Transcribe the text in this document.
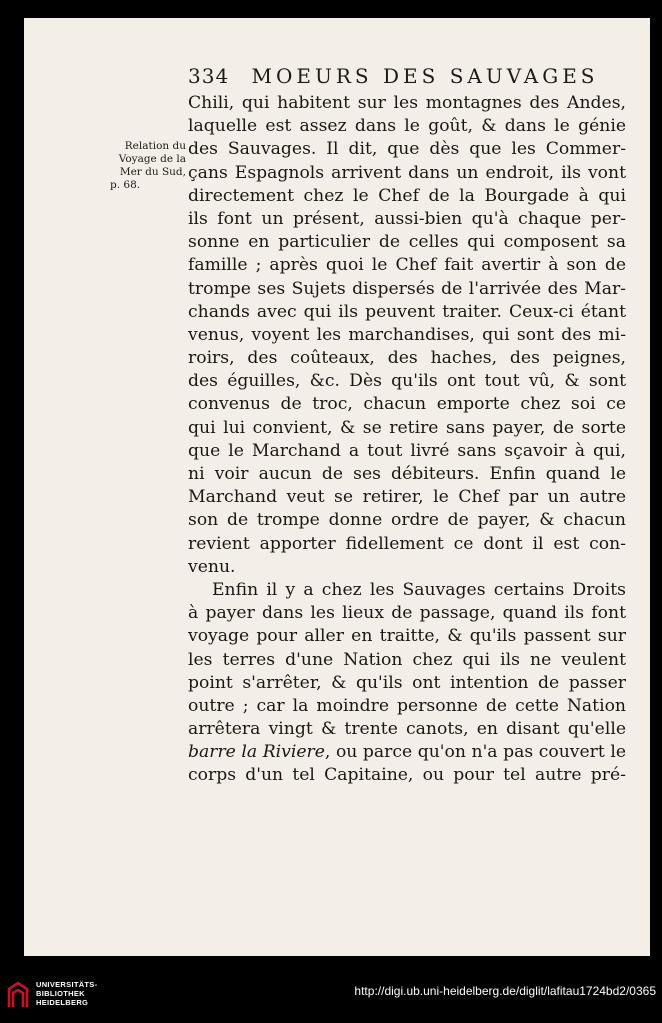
334 MOEURS DES SAUVAGES
Relation du
Voyage de la
Mer du Sud,
p. 68.
Chili, qui habitent sur les montagnes des Andes,
laquelle est assez dans le goût, & dans le génie
des Sauvages. Il dit, que dès que les Commer-
çans Espagnols arrivent dans un endroit, ils vont
directement chez le Chef de la Bourgade à qui
ils font un présent, aussi-bien qu'à chaque per-
sonne en particulier de celles qui composent sa
famille ; après quoi le Chef fait avertir à son de
trompe ses Sujets dispersés de l'arrivée des Mar-
chands avec qui ils peuvent traiter. Ceux-ci étant
venus, voyent les marchandises, qui sont des mi-
roirs, des coûteaux, des haches, des peignes,
des éguilles, &c. Dès qu'ils ont tout vû, & sont
convenus de troc, chacun emporte chez soi ce
qui lui convient, & se retire sans payer, de sorte
que le Marchand a tout livré sans sçavoir à qui,
ni voir aucun de ses débiteurs. Enfin quand le
Marchand veut se retirer, le Chef par un autre
son de trompe donne ordre de payer, & chacun
revient apporter fidellement ce dont il est con-
venu.
Enfin il y a chez les Sauvages certains Droits
à payer dans les lieux de passage, quand ils font
voyage pour aller en traitte, & qu'ils passent sur
les terres d'une Nation chez qui ils ne veulent
point s'arrêter, & qu'ils ont intention de passer
outre ; car la moindre personne de cette Nation
arrêtera vingt & trente canots, en disant qu'elle
barre la Riviere, ou parce qu'on n'a pas couvert le
corps d'un tel Capitaine, ou pour tel autre pré-
UNIVERSITÄTS-
BIBLIOTHEK
HEIDELBERG
http://digi.ub.uni-heidelberg.de/diglit/lafitau1724bd2/0365
